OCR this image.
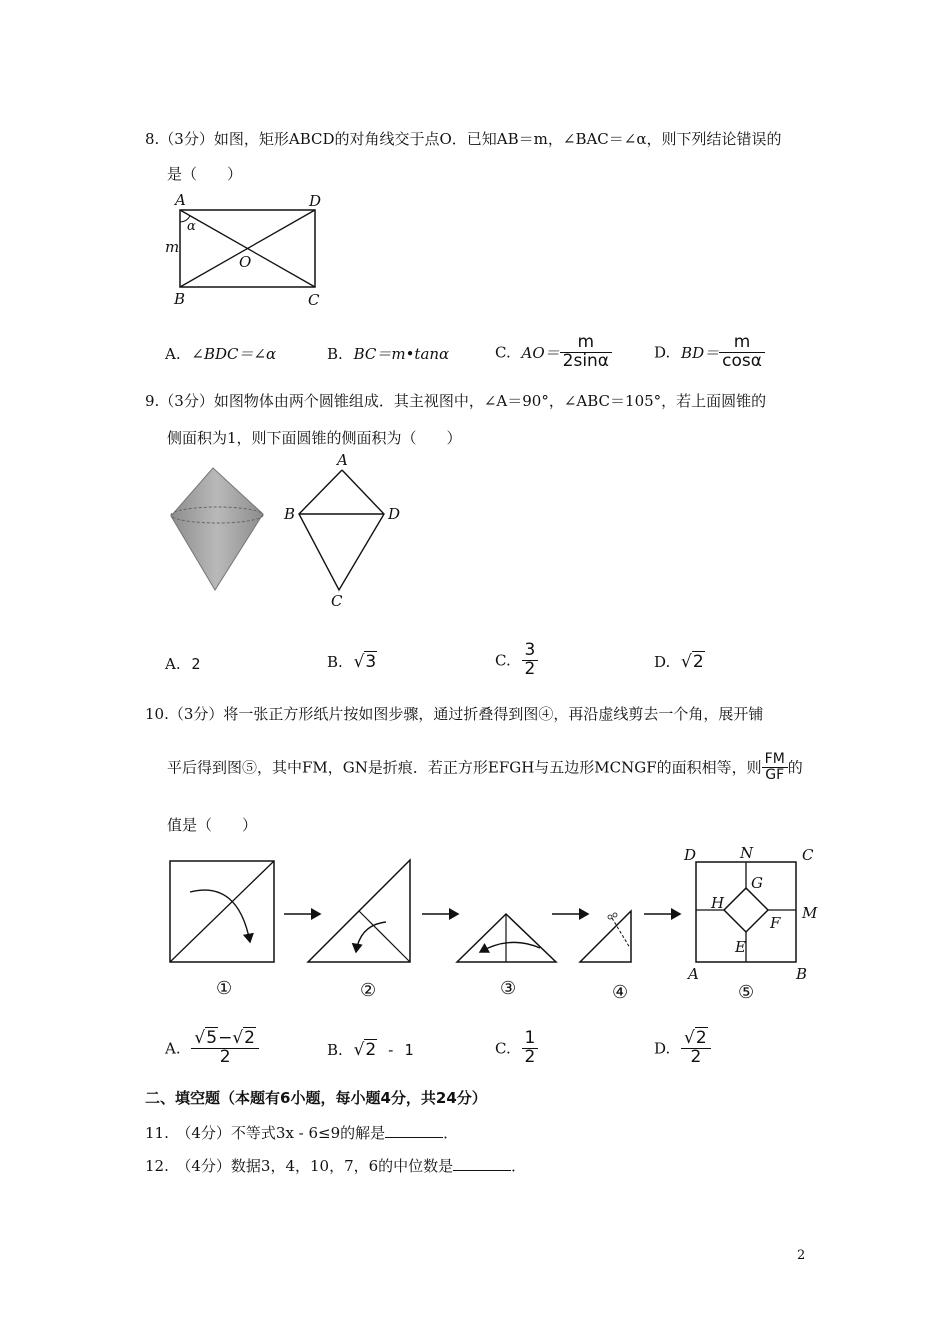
8.（3分）如图，矩形ABCD的对角线交于点O．已知AB＝m，∠BAC＝∠α，则下列结论错误的
是（　　）
A	D
B	C
O
m
α
A. ∠BDC＝∠α	B. BC＝m•tanα	C. $AO= \frac{m}{2\sin\alpha}$	D. $BD= \frac{m}{\cos\alpha}$
9.（3分）如图物体由两个圆锥组成．其主视图中，∠A＝90°，∠ABC＝105°，若上面圆锥的
侧面积为1，则下面圆锥的侧面积为（　　）
A
B	D
C
A. 2	B. √3	C. $\frac{3}{2}$	D. √2
10.（3分）将一张正方形纸片按如图步骤，通过折叠得到图④，再沿虚线剪去一个角，展开铺
平后得到图⑤，其中FM，GN是折痕．若正方形EFGH与五边形MCNGF的面积相等，则 $\frac{FM}{GF}$ 的
值是（　　）
D	N	C
G
H
M
F
E
A	B
①	②	③	④	⑤
A. $\frac{√5-√2}{2}$	B. √2 - 1	C. $\frac{1}{2}$	D. $\frac{√2}{2}$
二、填空题（本题有6小题，每小题4分，共24分）
11.　（4分）不等式3x - 6≤9的解是	．
12.　（4分）数据3，4，10，7，6的中位数是	．
2
